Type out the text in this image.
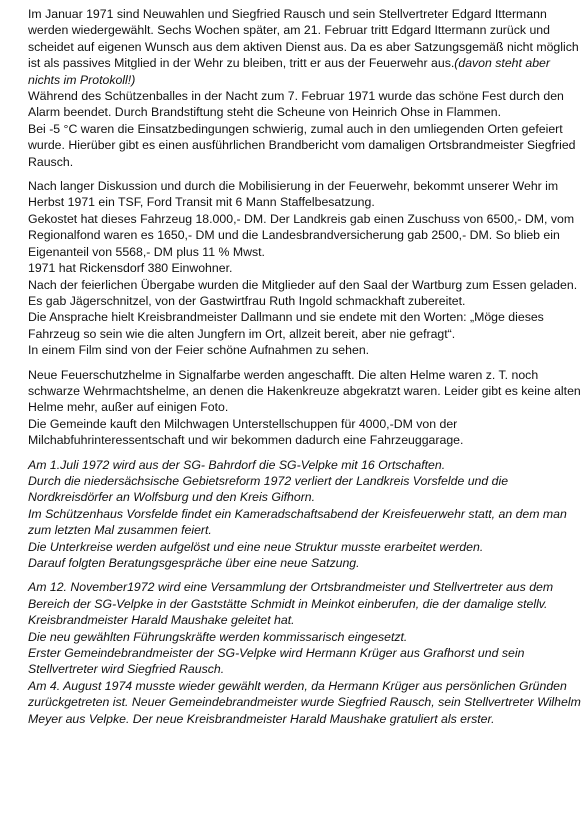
Im Januar 1971 sind Neuwahlen und Siegfried Rausch und sein Stellvertreter Edgard Ittermann
werden wiedergewählt. Sechs Wochen später, am 21. Februar tritt Edgard Ittermann zurück und
scheidet auf eigenen Wunsch aus dem aktiven Dienst aus. Da es aber Satzungsgemäß nicht möglich
ist als passives Mitglied in der Wehr zu bleiben, tritt er aus der Feuerwehr aus.(davon steht aber
nichts im Protokoll!)
Während des Schützenballes in der Nacht zum 7. Februar 1971 wurde das schöne Fest durch den
Alarm beendet. Durch Brandstiftung steht die Scheune von Heinrich Ohse in Flammen.
Bei -5 °C waren die Einsatzbedingungen schwierig, zumal auch in den umliegenden Orten gefeiert
wurde. Hierüber gibt es einen ausführlichen Brandbericht vom damaligen Ortsbrandmeister Siegfried
Rausch.
Nach langer Diskussion und durch die Mobilisierung in der Feuerwehr, bekommt unserer Wehr im
Herbst 1971 ein TSF, Ford Transit mit 6 Mann Staffelbesatzung.
Gekostet hat dieses Fahrzeug 18.000,- DM. Der Landkreis gab einen Zuschuss von 6500,- DM, vom
Regionalfond waren es 1650,- DM und die Landesbrandversicherung gab 2500,- DM. So blieb ein
Eigenanteil von 5568,- DM plus 11 % Mwst.
1971 hat Rickensdorf 380 Einwohner.
Nach der feierlichen Übergabe wurden die Mitglieder auf den Saal der Wartburg zum Essen geladen.
Es gab Jägerschnitzel, von der Gastwirtfrau Ruth Ingold schmackhaft zubereitet.
Die Ansprache hielt Kreisbrandmeister Dallmann und sie endete mit den Worten: „Möge dieses
Fahrzeug so sein wie die alten Jungfern im Ort, allzeit bereit, aber nie gefragt“.
In einem Film sind von der Feier schöne Aufnahmen zu sehen.
Neue Feuerschutzhelme in Signalfarbe werden angeschafft. Die alten Helme waren z. T. noch
schwarze Wehrmachtshelme, an denen die Hakenkreuze abgekratzt waren. Leider gibt es keine alten
Helme mehr, außer auf einigen Foto.
Die Gemeinde kauft den Milchwagen Unterstellschuppen für 4000,-DM von der
Milchabfuhrinteressentschaft und wir bekommen dadurch eine Fahrzeuggarage.
Am 1.Juli 1972 wird aus der SG- Bahrdorf die SG-Velpke mit 16 Ortschaften.
Durch die niedersächsische Gebietsreform 1972 verliert der Landkreis Vorsfelde und die
Nordkreisdörfer an Wolfsburg und den Kreis Gifhorn.
Im Schützenhaus Vorsfelde findet ein Kameradschaftsabend der Kreisfeuerwehr statt, an dem man
zum letzten Mal zusammen feiert.
Die Unterkreise werden aufgelöst und eine neue Struktur musste erarbeitet werden.
Darauf folgten Beratungsgespräche über eine neue Satzung.
Am 12. November1972 wird eine Versammlung der Ortsbrandmeister und Stellvertreter aus dem
Bereich der SG-Velpke in der Gaststätte Schmidt in Meinkot einberufen, die der damalige stellv.
Kreisbrandmeister Harald Maushake geleitet hat.
Die neu gewählten Führungskräfte werden kommissarisch eingesetzt.
Erster Gemeindebrandmeister der SG-Velpke wird Hermann Krüger aus Grafhorst und sein
Stellvertreter wird Siegfried Rausch.
Am 4. August 1974 musste wieder gewählt werden, da Hermann Krüger aus persönlichen Gründen
zurückgetreten ist. Neuer Gemeindebrandmeister wurde Siegfried Rausch, sein Stellvertreter Wilhelm
Meyer aus Velpke. Der neue Kreisbrandmeister Harald Maushake gratuliert als erster.
